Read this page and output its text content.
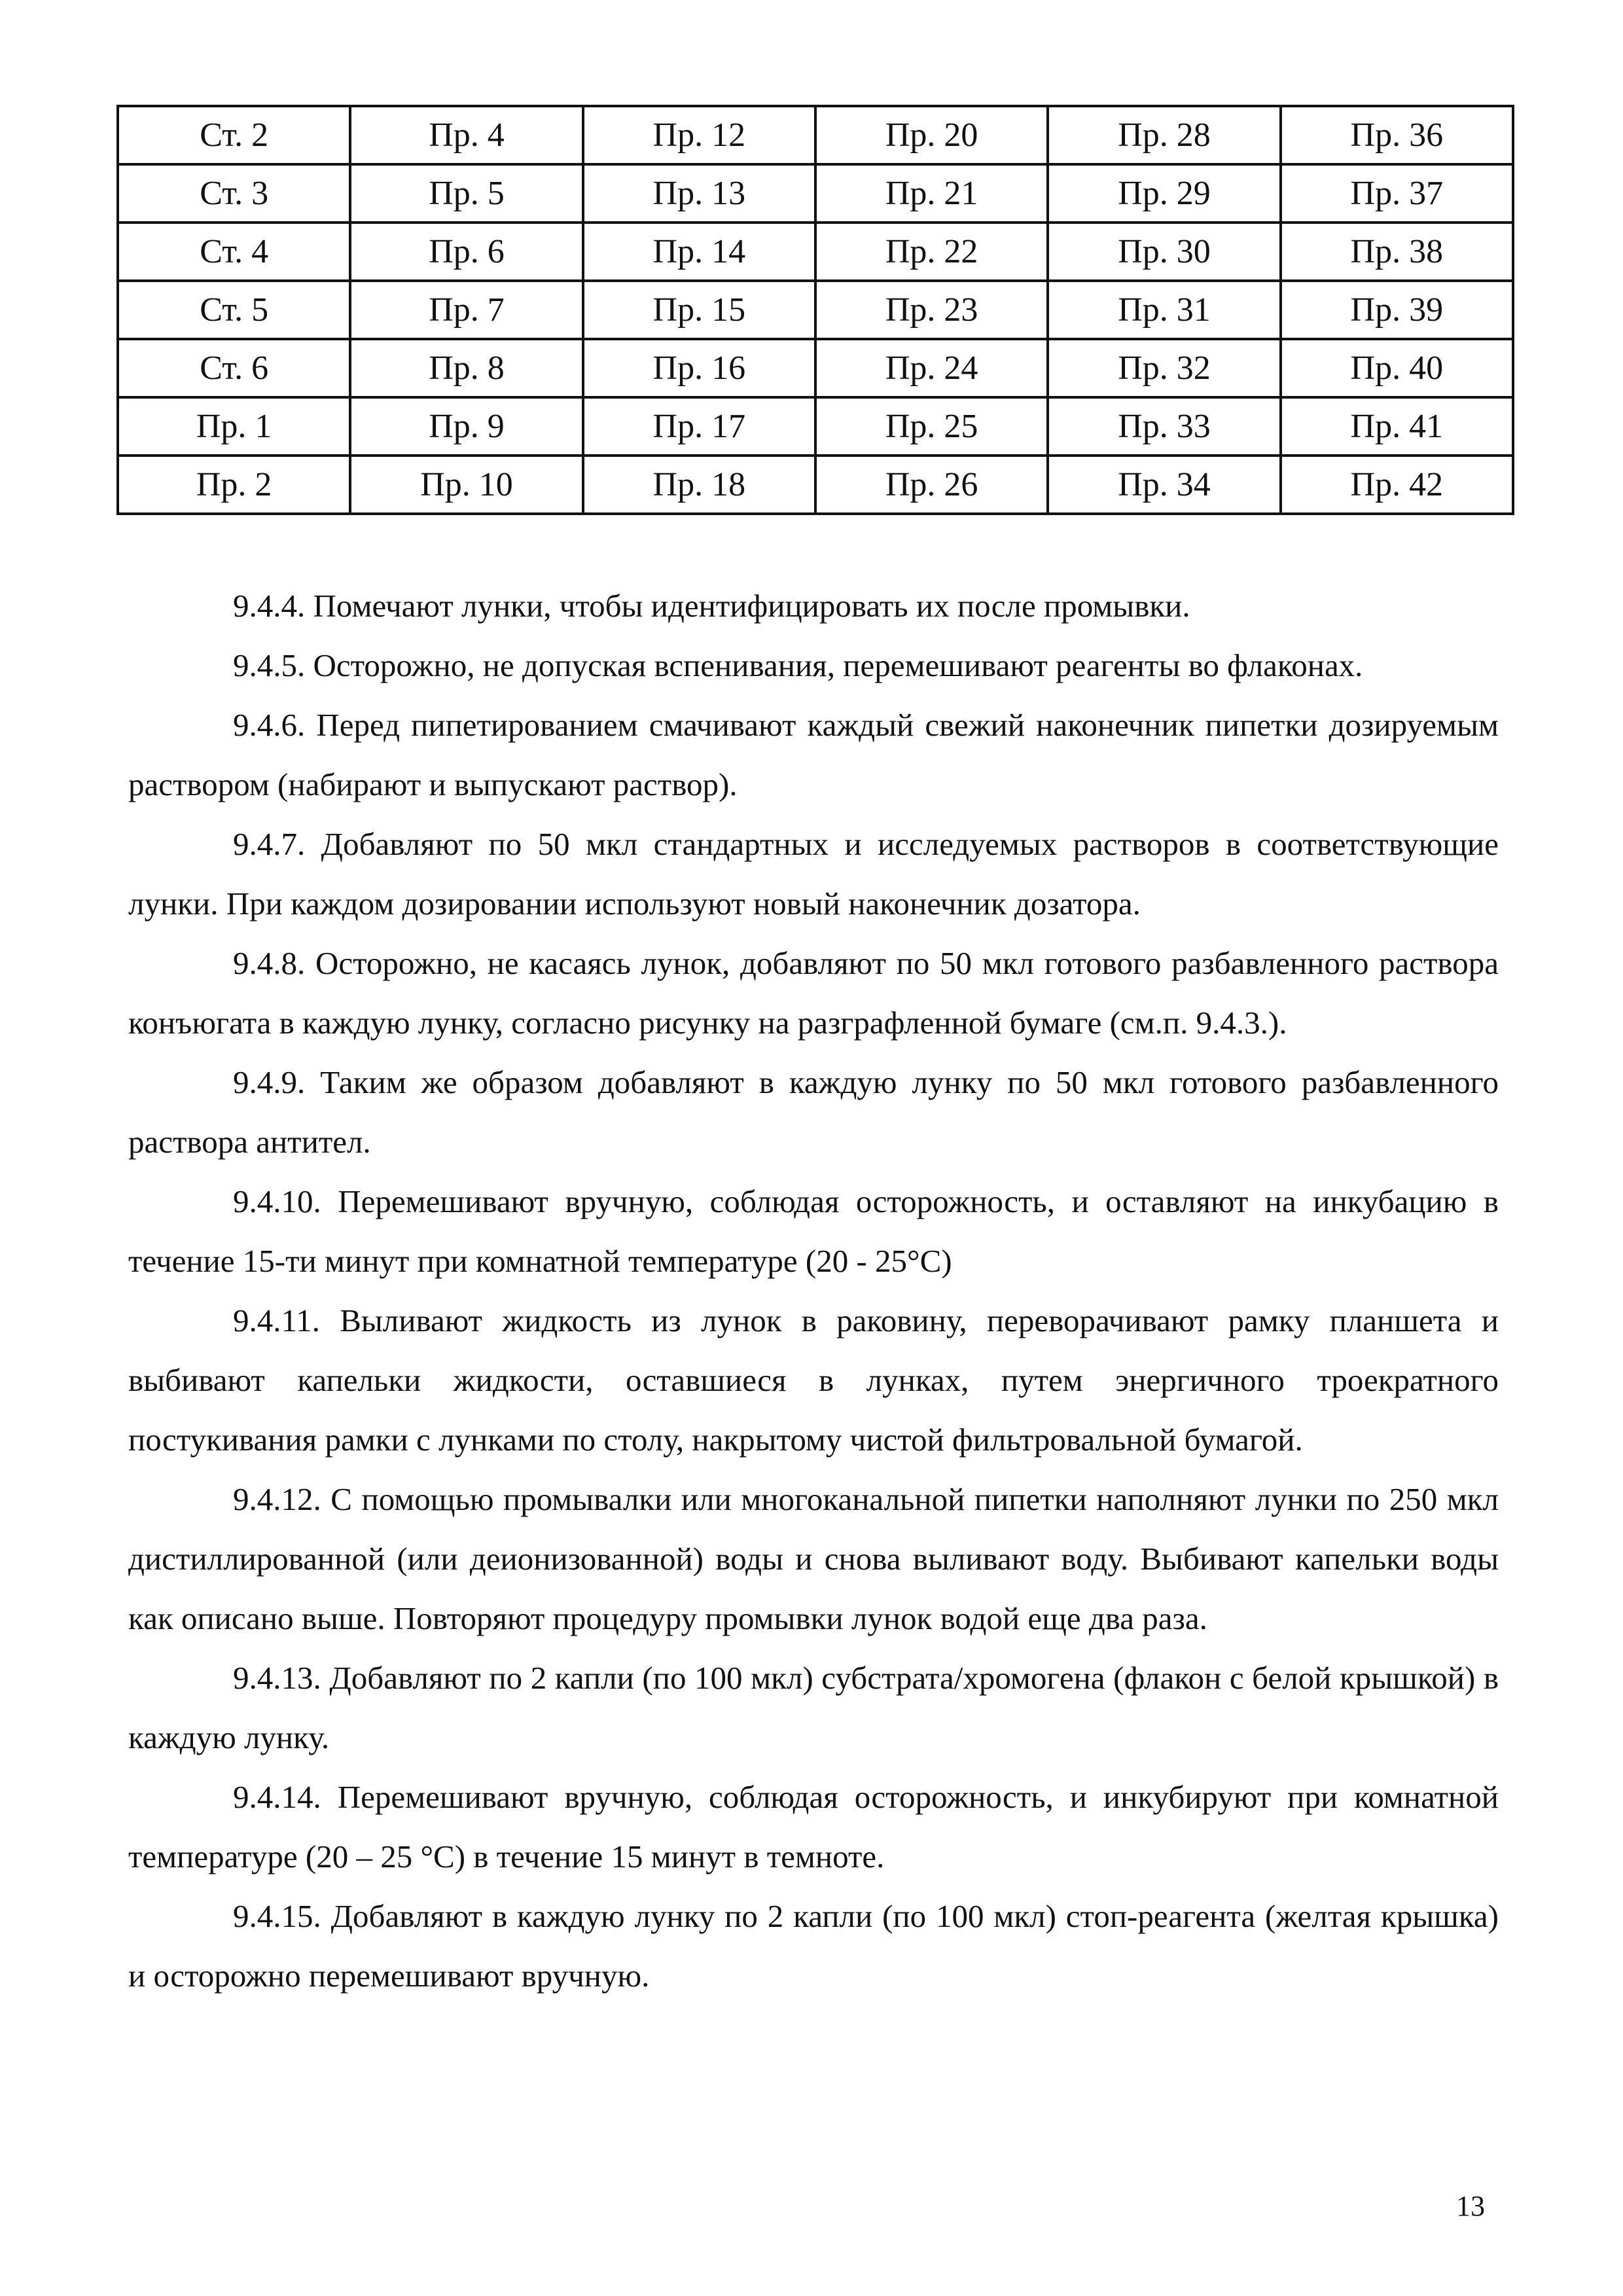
Ст. 2	Пр. 4	Пр. 12	Пр. 20	Пр. 28	Пр. 36
Ст. 3	Пр. 5	Пр. 13	Пр. 21	Пр. 29	Пр. 37
Ст. 4	Пр. 6	Пр. 14	Пр. 22	Пр. 30	Пр. 38
Ст. 5	Пр. 7	Пр. 15	Пр. 23	Пр. 31	Пр. 39
Ст. 6	Пр. 8	Пр. 16	Пр. 24	Пр. 32	Пр. 40
Пр. 1	Пр. 9	Пр. 17	Пр. 25	Пр. 33	Пр. 41
Пр. 2	Пр. 10	Пр. 18	Пр. 26	Пр. 34	Пр. 42

9.4.4. Помечают лунки, чтобы идентифицировать их после промывки.

9.4.5. Осторожно, не допуская вспенивания, перемешивают реагенты во флаконах.

9.4.6. Перед пипетированием смачивают каждый свежий наконечник пипетки дозируемым раствором (набирают и выпускают раствор).

9.4.7. Добавляют по 50 мкл стандартных и исследуемых растворов в соответствующие лунки. При каждом дозировании используют новый наконечник дозатора.

9.4.8. Осторожно, не касаясь лунок, добавляют по 50 мкл готового разбавленного раствора конъюгата в каждую лунку, согласно рисунку на разграфленной бумаге (см.п. 9.4.3.).

9.4.9. Таким же образом добавляют в каждую лунку по 50 мкл готового разбавленного раствора антител.

9.4.10. Перемешивают вручную, соблюдая осторожность, и оставляют на инкубацию в течение 15-ти минут при комнатной температуре (20 - 25°С)

9.4.11. Выливают жидкость из лунок в раковину, переворачивают рамку планшета и выбивают капельки жидкости, оставшиеся в лунках, путем энергичного троекратного постукивания рамки с лунками по столу, накрытому чистой фильтровальной бумагой.

9.4.12. С помощью промывалки или многоканальной пипетки наполняют лунки по 250 мкл дистиллированной (или деионизованной) воды и снова выливают воду. Выбивают капельки воды как описано выше. Повторяют процедуру промывки лунок водой еще два раза.

9.4.13. Добавляют по 2 капли (по 100 мкл) субстрата/хромогена (флакон с белой крышкой) в каждую лунку.

9.4.14. Перемешивают вручную, соблюдая осторожность, и инкубируют при комнатной температуре (20 – 25 °С) в течение 15 минут в темноте.

9.4.15. Добавляют в каждую лунку по 2 капли (по 100 мкл) стоп-реагента (желтая крышка) и осторожно перемешивают вручную.

13
